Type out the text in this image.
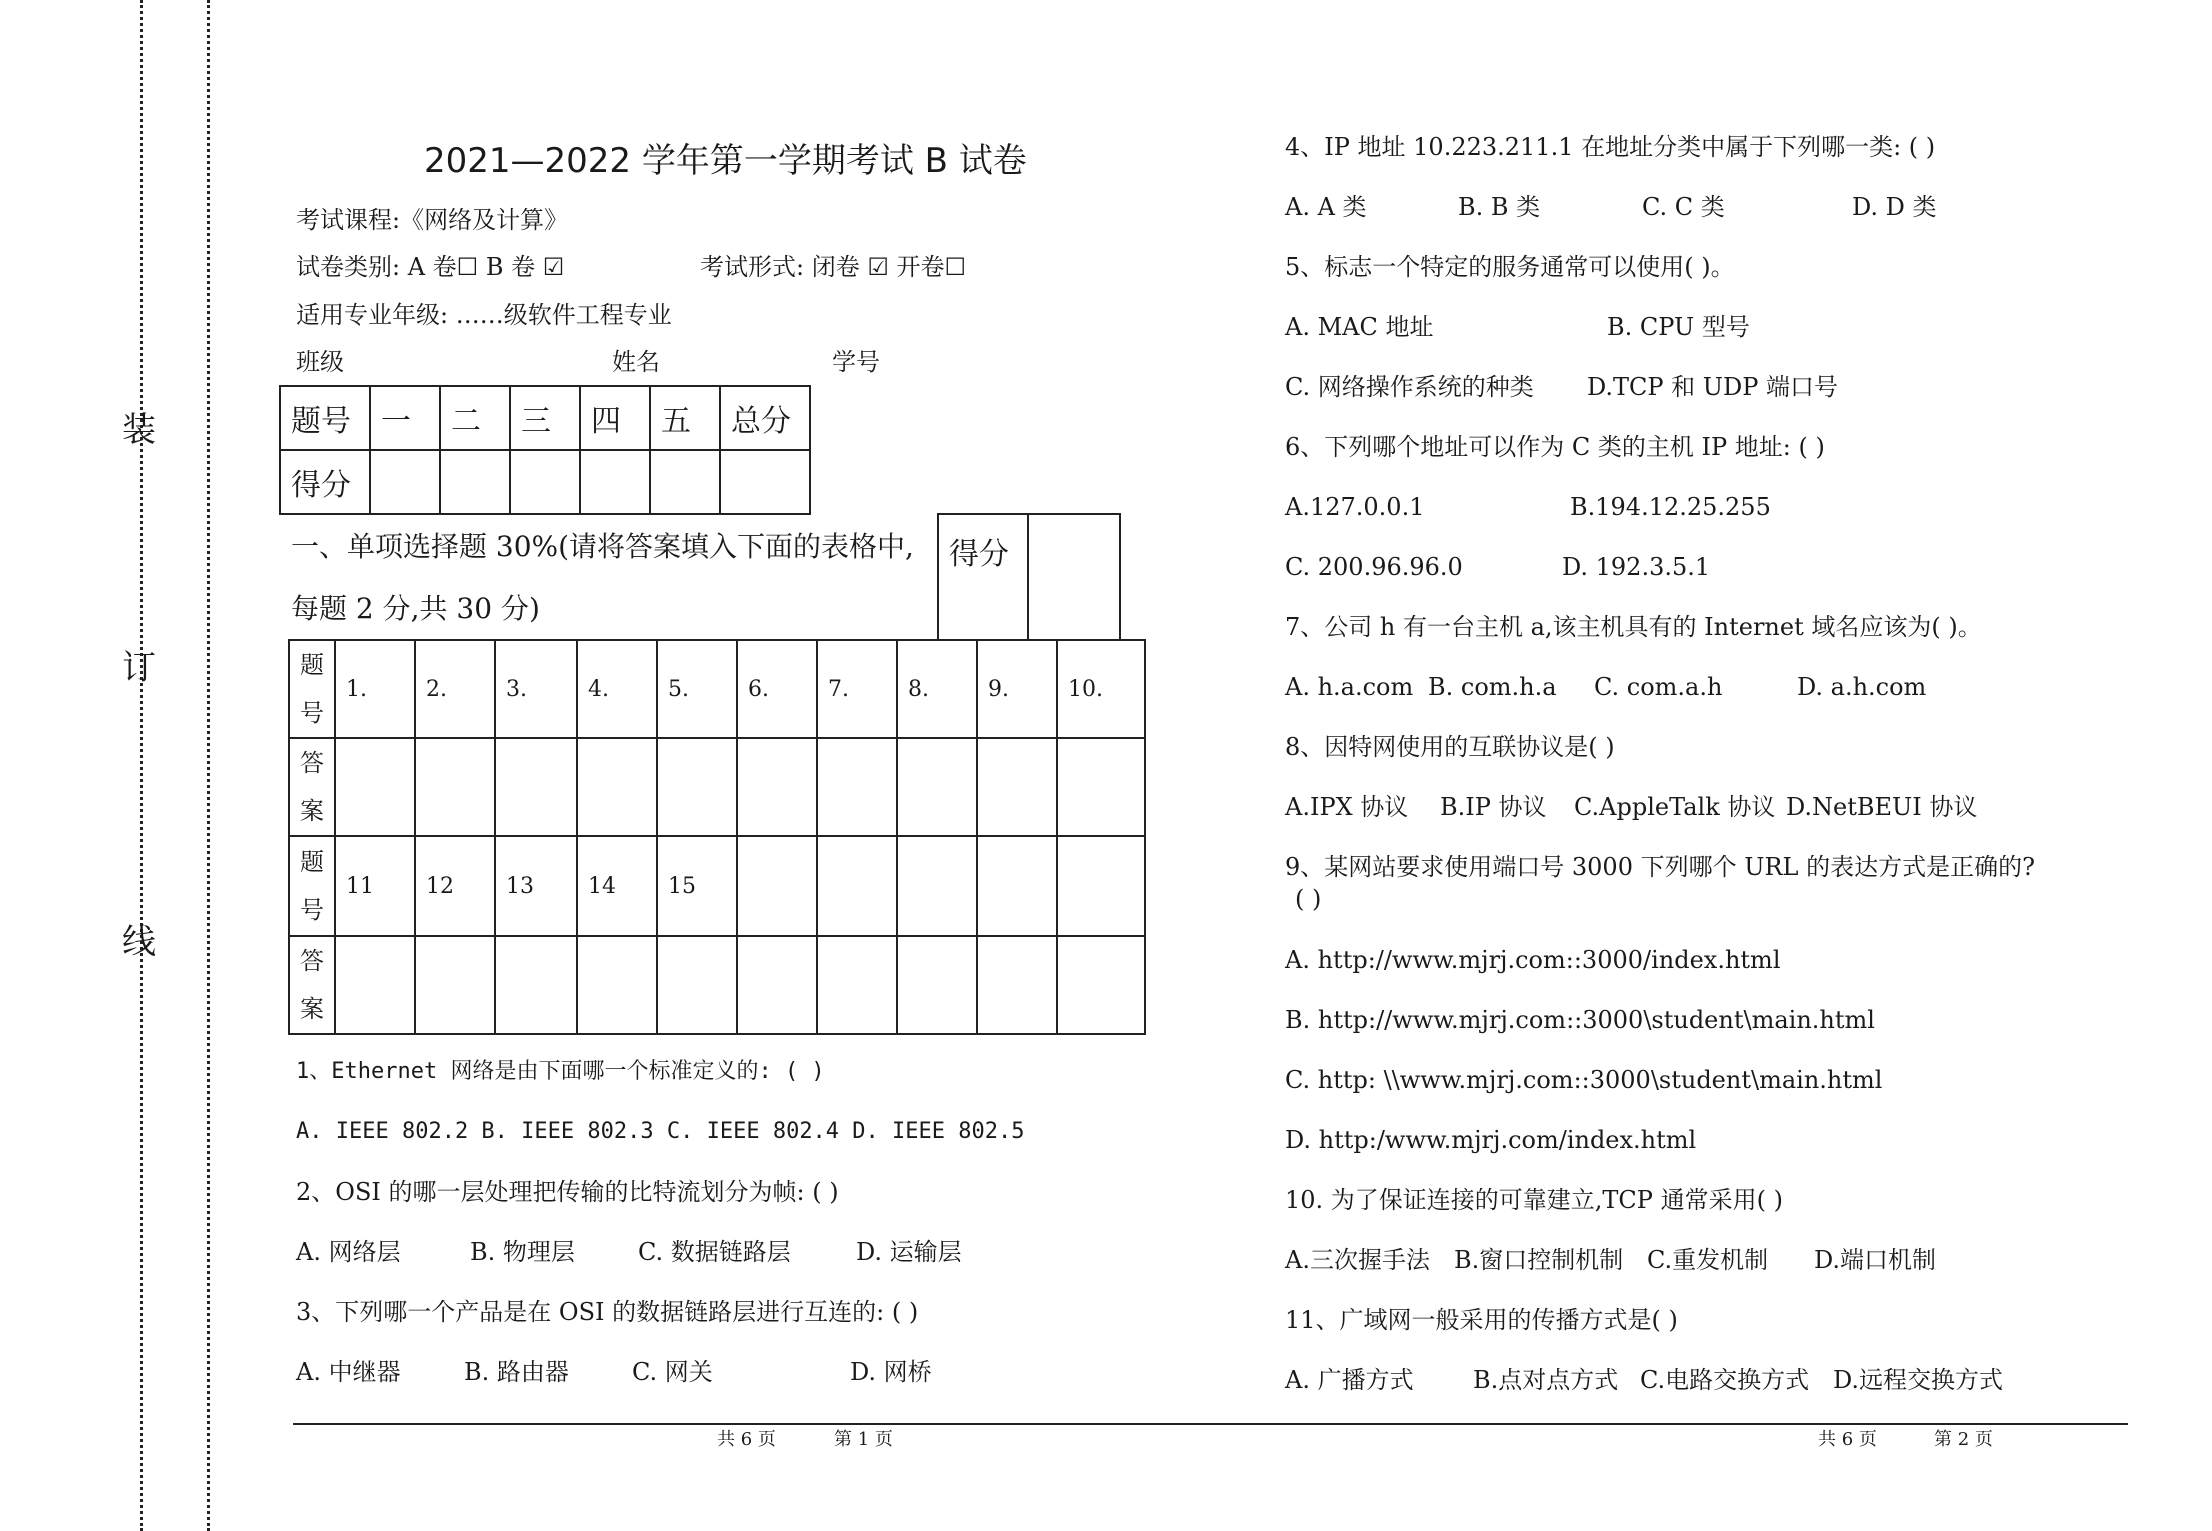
装
订
线
2021—2022 学年第一学期考试 B 试卷
考试课程:《网络及计算》
试卷类别: A 卷☐ B 卷 ☑	考试形式: 闭卷 ☑ 开卷☐
适用专业年级: ……级软件工程专业
班级	姓名	学号
题号	一	二	三	四	五	总分
得分						
一、单项选择题 30%(请将答案填入下面的表格中,
每题 2 分,共 30 分)
得分
题
号	1.	2.	3.	4.	5.	6.	7.	8.	9.	10.
答
案										
题
号	11	12	13	14	15					
答
案										
1、Ethernet 网络是由下面哪一个标准定义的: ( )
A. IEEE 802.2 B. IEEE 802.3 C. IEEE 802.4 D. IEEE 802.5
2、OSI 的哪一层处理把传输的比特流划分为帧: ( )
A. 网络层	B. 物理层	C. 数据链路层	D. 运输层
3、下列哪一个产品是在 OSI 的数据链路层进行互连的: ( )
A. 中继器	B. 路由器	C. 网关	D. 网桥
4、IP 地址 10.223.211.1 在地址分类中属于下列哪一类: ( )
A. A 类	B. B 类	C. C 类	D. D 类
5、标志一个特定的服务通常可以使用( )。
A. MAC 地址	B. CPU 型号
C. 网络操作系统的种类 D.TCP 和 UDP 端口号
6、下列哪个地址可以作为 C 类的主机 IP 地址: ( )
A.127.0.0.1	B.194.12.25.255
C. 200.96.96.0	D. 192.3.5.1
7、公司 h 有一台主机 a,该主机具有的 Internet 域名应该为( )。
A. h.a.com B. com.h.a C. com.a.h	D. a.h.com
8、因特网使用的互联协议是( )
A.IPX 协议 B.IP 协议 C.AppleTalk 协议 D.NetBEUI 协议
9、某网站要求使用端口号 3000 下列哪个 URL 的表达方式是正确的?
( )
A. http://www.mjrj.com::3000/index.html
B. http://www.mjrj.com::3000\student\main.html
C. http: \\www.mjrj.com::3000\student\main.html
D. http:/www.mjrj.com/index.html
10. 为了保证连接的可靠建立,TCP 通常采用( )
A.三次握手法 B.窗口控制机制 C.重发机制 D.端口机制
11、广域网一般采用的传播方式是( )
A. 广播方式 B.点对点方式 C.电路交换方式 D.远程交换方式
共 6 页	第 1 页	共 6 页	第 2 页
